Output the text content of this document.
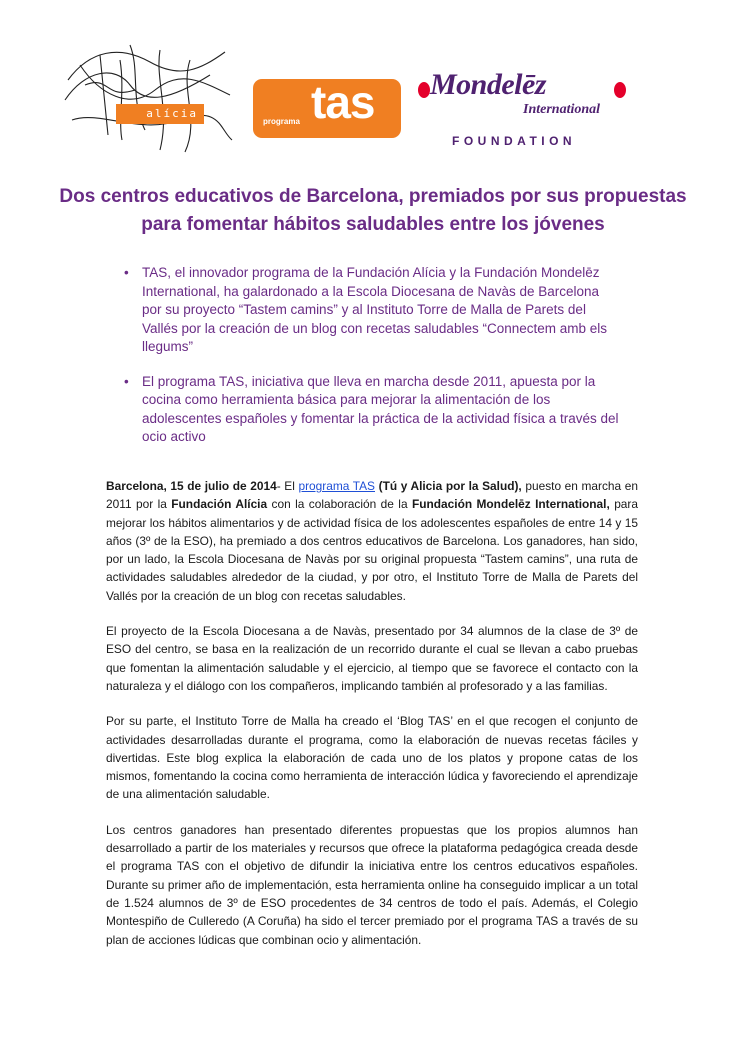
alícia
programa tas Mondelēz
International
FOUNDATION
Dos centros educativos de Barcelona, premiados por sus propuestas para fomentar hábitos saludables entre los jóvenes
• TAS, el innovador programa de la Fundación Alícia y la Fundación Mondelēz International, ha galardonado a la Escola Diocesana de Navàs de Barcelona por su proyecto “Tastem camins” y al Instituto Torre de Malla de Parets del Vallés por la creación de un blog con recetas saludables “Connectem amb els llegums”
• El programa TAS, iniciativa que lleva en marcha desde 2011, apuesta por la cocina como herramienta básica para mejorar la alimentación de los adolescentes españoles y fomentar la práctica de la actividad física a través del ocio activo

Barcelona, 15 de julio de 2014- El programa TAS (Tú y Alicia por la Salud), puesto en marcha en 2011 por la Fundación Alícia con la colaboración de la Fundación Mondelēz International, para mejorar los hábitos alimentarios y de actividad física de los adolescentes españoles de entre 14 y 15 años (3º de la ESO), ha premiado a dos centros educativos de Barcelona. Los ganadores, han sido, por un lado, la Escola Diocesana de Navàs por su original propuesta “Tastem camins”, una ruta de actividades saludables alrededor de la ciudad, y por otro, el Instituto Torre de Malla de Parets del Vallés por la creación de un blog con recetas saludables.

El proyecto de la Escola Diocesana a de Navàs, presentado por 34 alumnos de la clase de 3º de ESO del centro, se basa en la realización de un recorrido durante el cual se llevan a cabo pruebas que fomentan la alimentación saludable y el ejercicio, al tiempo que se favorece el contacto con la naturaleza y el diálogo con los compañeros, implicando también al profesorado y a las familias.

Por su parte, el Instituto Torre de Malla ha creado el ‘Blog TAS’ en el que recogen el conjunto de actividades desarrolladas durante el programa, como la elaboración de nuevas recetas fáciles y divertidas. Este blog explica la elaboración de cada uno de los platos y propone catas de los mismos, fomentando la cocina como herramienta de interacción lúdica y favoreciendo el aprendizaje de una alimentación saludable.

Los centros ganadores han presentado diferentes propuestas que los propios alumnos han desarrollado a partir de los materiales y recursos que ofrece la plataforma pedagógica creada desde el programa TAS con el objetivo de difundir la iniciativa entre los centros educativos españoles. Durante su primer año de implementación, esta herramienta online ha conseguido implicar a un total de 1.524 alumnos de 3º de ESO procedentes de 34 centros de todo el país. Además, el Colegio Montespiño de Culleredo (A Coruña) ha sido el tercer premiado por el programa TAS a través de su plan de acciones lúdicas que combinan ocio y alimentación.
